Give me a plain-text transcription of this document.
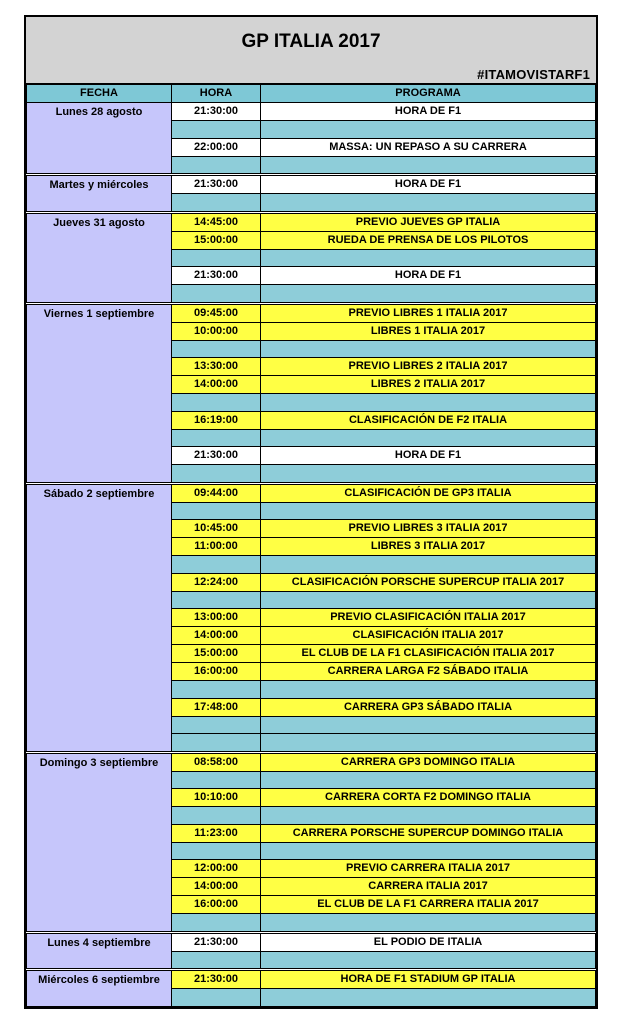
GP ITALIA 2017
#ITAMOVISTARF1
FECHA	HORA	PROGRAMA
Lunes 28 agosto	21:30:00	HORA DE F1

	22:00:00	MASSA: UN REPASO A SU CARRERA

Martes y miércoles	21:30:00	HORA DE F1

Jueves 31 agosto	14:45:00	PREVIO JUEVES GP ITALIA
	15:00:00	RUEDA DE PRENSA DE LOS PILOTOS

	21:30:00	HORA DE F1

Viernes 1 septiembre	09:45:00	PREVIO LIBRES 1 ITALIA 2017
	10:00:00	LIBRES 1 ITALIA 2017

	13:30:00	PREVIO LIBRES 2 ITALIA 2017
	14:00:00	LIBRES 2 ITALIA 2017

	16:19:00	CLASIFICACIÓN DE F2 ITALIA

	21:30:00	HORA DE F1

Sábado 2 septiembre	09:44:00	CLASIFICACIÓN DE GP3 ITALIA

	10:45:00	PREVIO LIBRES 3 ITALIA 2017
	11:00:00	LIBRES 3 ITALIA 2017

	12:24:00	CLASIFICACIÓN PORSCHE SUPERCUP ITALIA 2017

	13:00:00	PREVIO CLASIFICACIÓN ITALIA 2017
	14:00:00	CLASIFICACIÓN ITALIA 2017
	15:00:00	EL CLUB DE LA F1 CLASIFICACIÓN ITALIA 2017
	16:00:00	CARRERA LARGA F2 SÁBADO ITALIA

	17:48:00	CARRERA GP3 SÁBADO ITALIA

Domingo 3 septiembre	08:58:00	CARRERA GP3 DOMINGO ITALIA

	10:10:00	CARRERA CORTA F2 DOMINGO ITALIA

	11:23:00	CARRERA PORSCHE SUPERCUP DOMINGO ITALIA

	12:00:00	PREVIO CARRERA ITALIA 2017
	14:00:00	CARRERA ITALIA 2017
	16:00:00	EL CLUB DE LA F1 CARRERA ITALIA 2017

Lunes 4 septiembre	21:30:00	EL PODIO DE ITALIA

Miércoles 6 septiembre	21:30:00	HORA DE F1 STADIUM GP ITALIA
